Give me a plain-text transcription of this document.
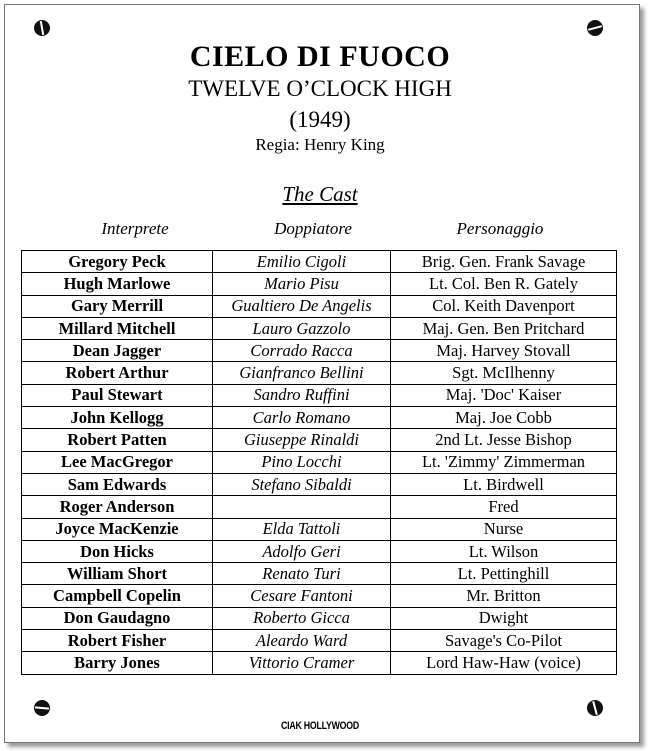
CIELO DI FUOCO
TWELVE O’CLOCK HIGH
(1949)
Regia: Henry King
The Cast
Interprete	Doppiatore	Personaggio
Gregory Peck	Emilio Cigoli	Brig. Gen. Frank Savage
Hugh Marlowe	Mario Pisu	Lt. Col. Ben R. Gately
Gary Merrill	Gualtiero De Angelis	Col. Keith Davenport
Millard Mitchell	Lauro Gazzolo	Maj. Gen. Ben Pritchard
Dean Jagger	Corrado Racca	Maj. Harvey Stovall
Robert Arthur	Gianfranco Bellini	Sgt. McIlhenny
Paul Stewart	Sandro Ruffini	Maj. 'Doc' Kaiser
John Kellogg	Carlo Romano	Maj. Joe Cobb
Robert Patten	Giuseppe Rinaldi	2nd Lt. Jesse Bishop
Lee MacGregor	Pino Locchi	Lt. 'Zimmy' Zimmerman
Sam Edwards	Stefano Sibaldi	Lt. Birdwell
Roger Anderson		Fred
Joyce MacKenzie	Elda Tattoli	Nurse
Don Hicks	Adolfo Geri	Lt. Wilson
William Short	Renato Turi	Lt. Pettinghill
Campbell Copelin	Cesare Fantoni	Mr. Britton
Don Gaudagno	Roberto Gicca	Dwight
Robert Fisher	Aleardo Ward	Savage's Co-Pilot
Barry Jones	Vittorio Cramer	Lord Haw-Haw (voice)
CIAK HOLLYWOOD
